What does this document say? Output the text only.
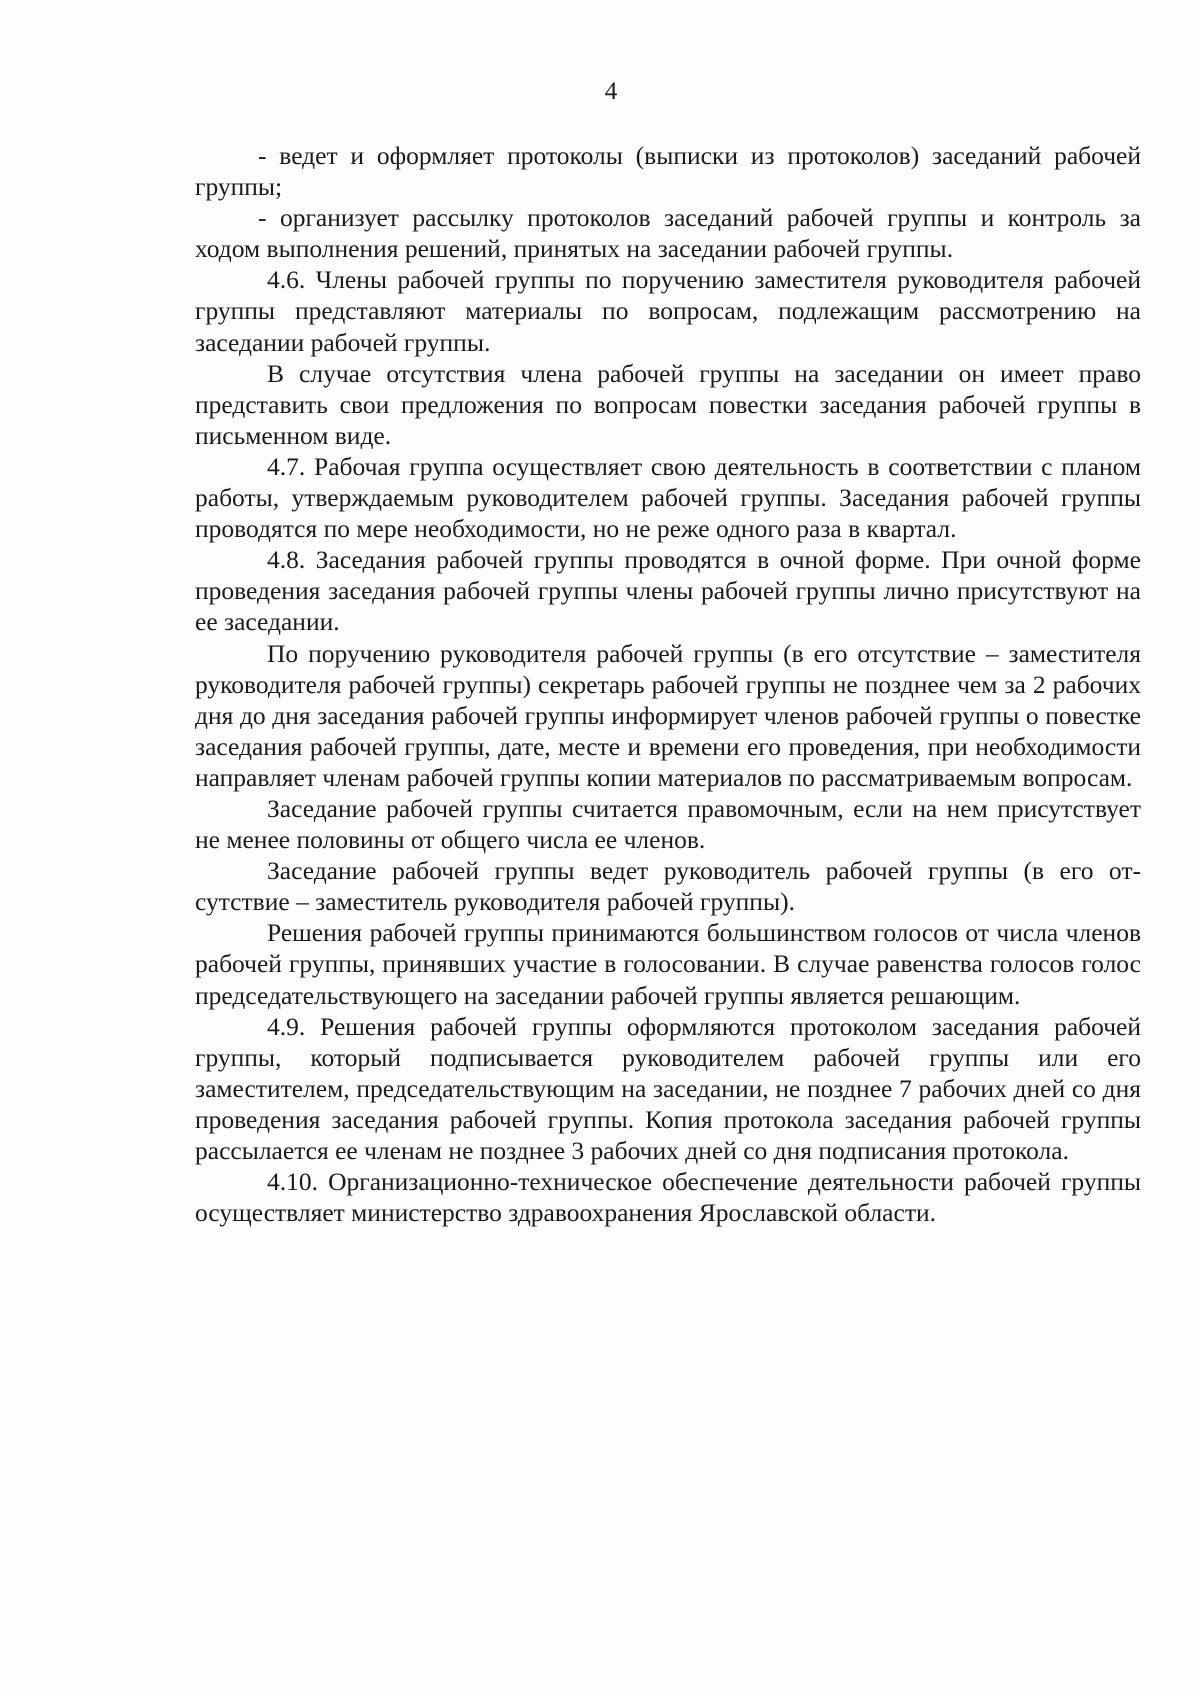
4

- ведет и оформляет протоколы (выписки из протоколов) заседаний рабочей группы;

- организует рассылку протоколов заседаний рабочей группы и контроль за ходом выполнения решений, принятых на заседании рабочей группы.

4.6. Члены рабочей группы по поручению заместителя руководителя рабочей группы представляют материалы по вопросам, подлежащим рассмотрению на заседании рабочей группы.

В случае отсутствия члена рабочей группы на заседании он имеет право представить свои предложения по вопросам повестки заседания рабочей группы в письменном виде.

4.7. Рабочая группа осуществляет свою деятельность в соответствии с планом работы, утверждаемым руководителем рабочей группы. Заседания рабочей группы проводятся по мере необходимости, но не реже одного раза в квартал.

4.8. Заседания рабочей группы проводятся в очной форме. При очной форме проведения заседания рабочей группы члены рабочей группы лично присутствуют на ее заседании.

По поручению руководителя рабочей группы (в его отсутствие – заместителя руководителя рабочей группы) секретарь рабочей группы не позднее чем за 2 рабочих дня до дня заседания рабочей группы информирует членов рабочей группы о повестке заседания рабочей группы, дате, месте и времени его проведения, при необходимости направляет членам рабочей группы копии материалов по рассматриваемым вопросам.

Заседание рабочей группы считается правомочным, если на нем присутствует не менее половины от общего числа ее членов.

Заседание рабочей группы ведет руководитель рабочей группы (в его отсутствие – заместитель руководителя рабочей группы).

Решения рабочей группы принимаются большинством голосов от числа членов рабочей группы, принявших участие в голосовании. В случае равенства голосов голос председательствующего на заседании рабочей группы является решающим.

4.9. Решения рабочей группы оформляются протоколом заседания рабочей группы, который подписывается руководителем рабочей группы или его заместителем, председательствующим на заседании, не позднее 7 рабочих дней со дня проведения заседания рабочей группы. Копия протокола заседания рабочей группы рассылается ее членам не позднее 3 рабочих дней со дня подписания протокола.

4.10. Организационно-техническое обеспечение деятельности рабочей группы осуществляет министерство здравоохранения Ярославской области.
